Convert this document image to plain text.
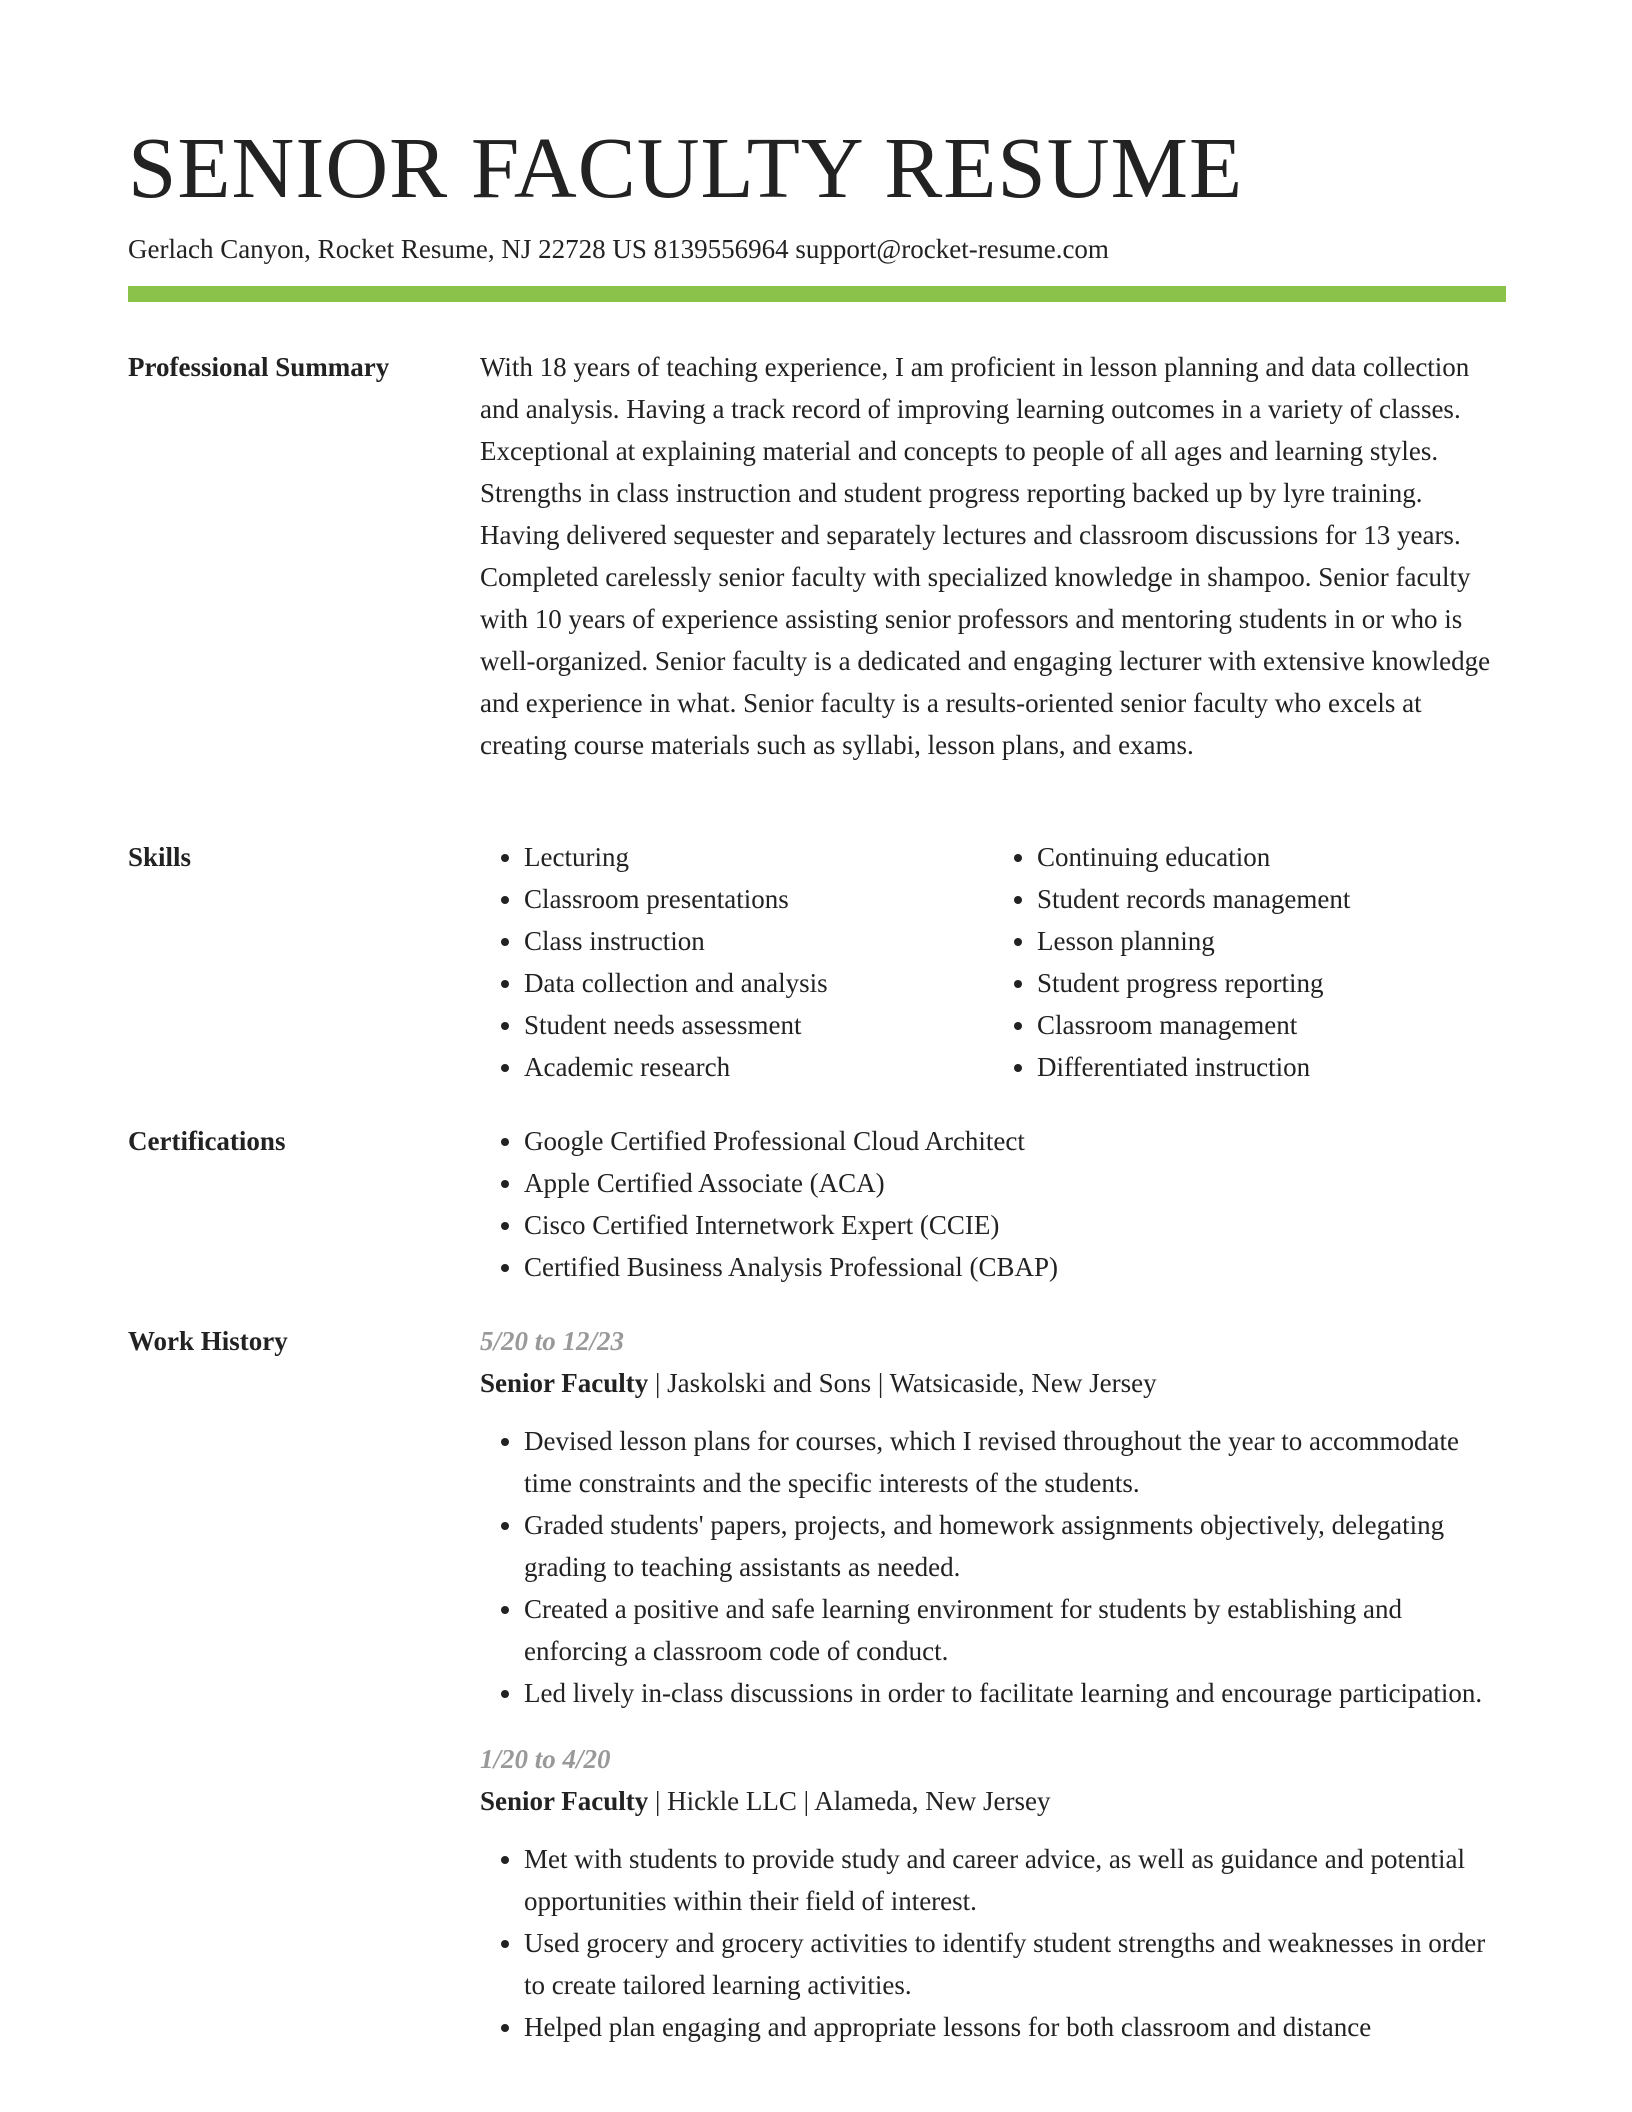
SENIOR FACULTY RESUME
Gerlach Canyon, Rocket Resume, NJ 22728 US 8139556964 support@rocket-resume.com
Professional Summary	With 18 years of teaching experience, I am proficient in lesson planning and data collection and analysis. Having a track record of improving learning outcomes in a variety of classes. Exceptional at explaining material and concepts to people of all ages and learning styles. Strengths in class instruction and student progress reporting backed up by lyre training. Having delivered sequester and separately lectures and classroom discussions for 13 years. Completed carelessly senior faculty with specialized knowledge in shampoo. Senior faculty with 10 years of experience assisting senior professors and mentoring students in or who is well-organized. Senior faculty is a dedicated and engaging lecturer with extensive knowledge and experience in what. Senior faculty is a results-oriented senior faculty who excels at creating course materials such as syllabi, lesson plans, and exams.

Skills	• Lecturing
• Classroom presentations
• Class instruction
• Data collection and analysis
• Student needs assessment
• Academic research
• Continuing education
• Student records management
• Lesson planning
• Student progress reporting
• Classroom management
• Differentiated instruction
Certifications	• Google Certified Professional Cloud Architect
• Apple Certified Associate (ACA)
• Cisco Certified Internetwork Expert (CCIE)
• Certified Business Analysis Professional (CBAP)
Work History	5/20 to 12/23
Senior Faculty | Jaskolski and Sons | Watsicaside, New Jersey
• Devised lesson plans for courses, which I revised throughout the year to accommodate time constraints and the specific interests of the students.
• Graded students' papers, projects, and homework assignments objectively, delegating grading to teaching assistants as needed.
• Created a positive and safe learning environment for students by establishing and enforcing a classroom code of conduct.
• Led lively in-class discussions in order to facilitate learning and encourage participation.
1/20 to 4/20
Senior Faculty | Hickle LLC | Alameda, New Jersey
• Met with students to provide study and career advice, as well as guidance and potential opportunities within their field of interest.
• Used grocery and grocery activities to identify student strengths and weaknesses in order to create tailored learning activities.
• Helped plan engaging and appropriate lessons for both classroom and distance
